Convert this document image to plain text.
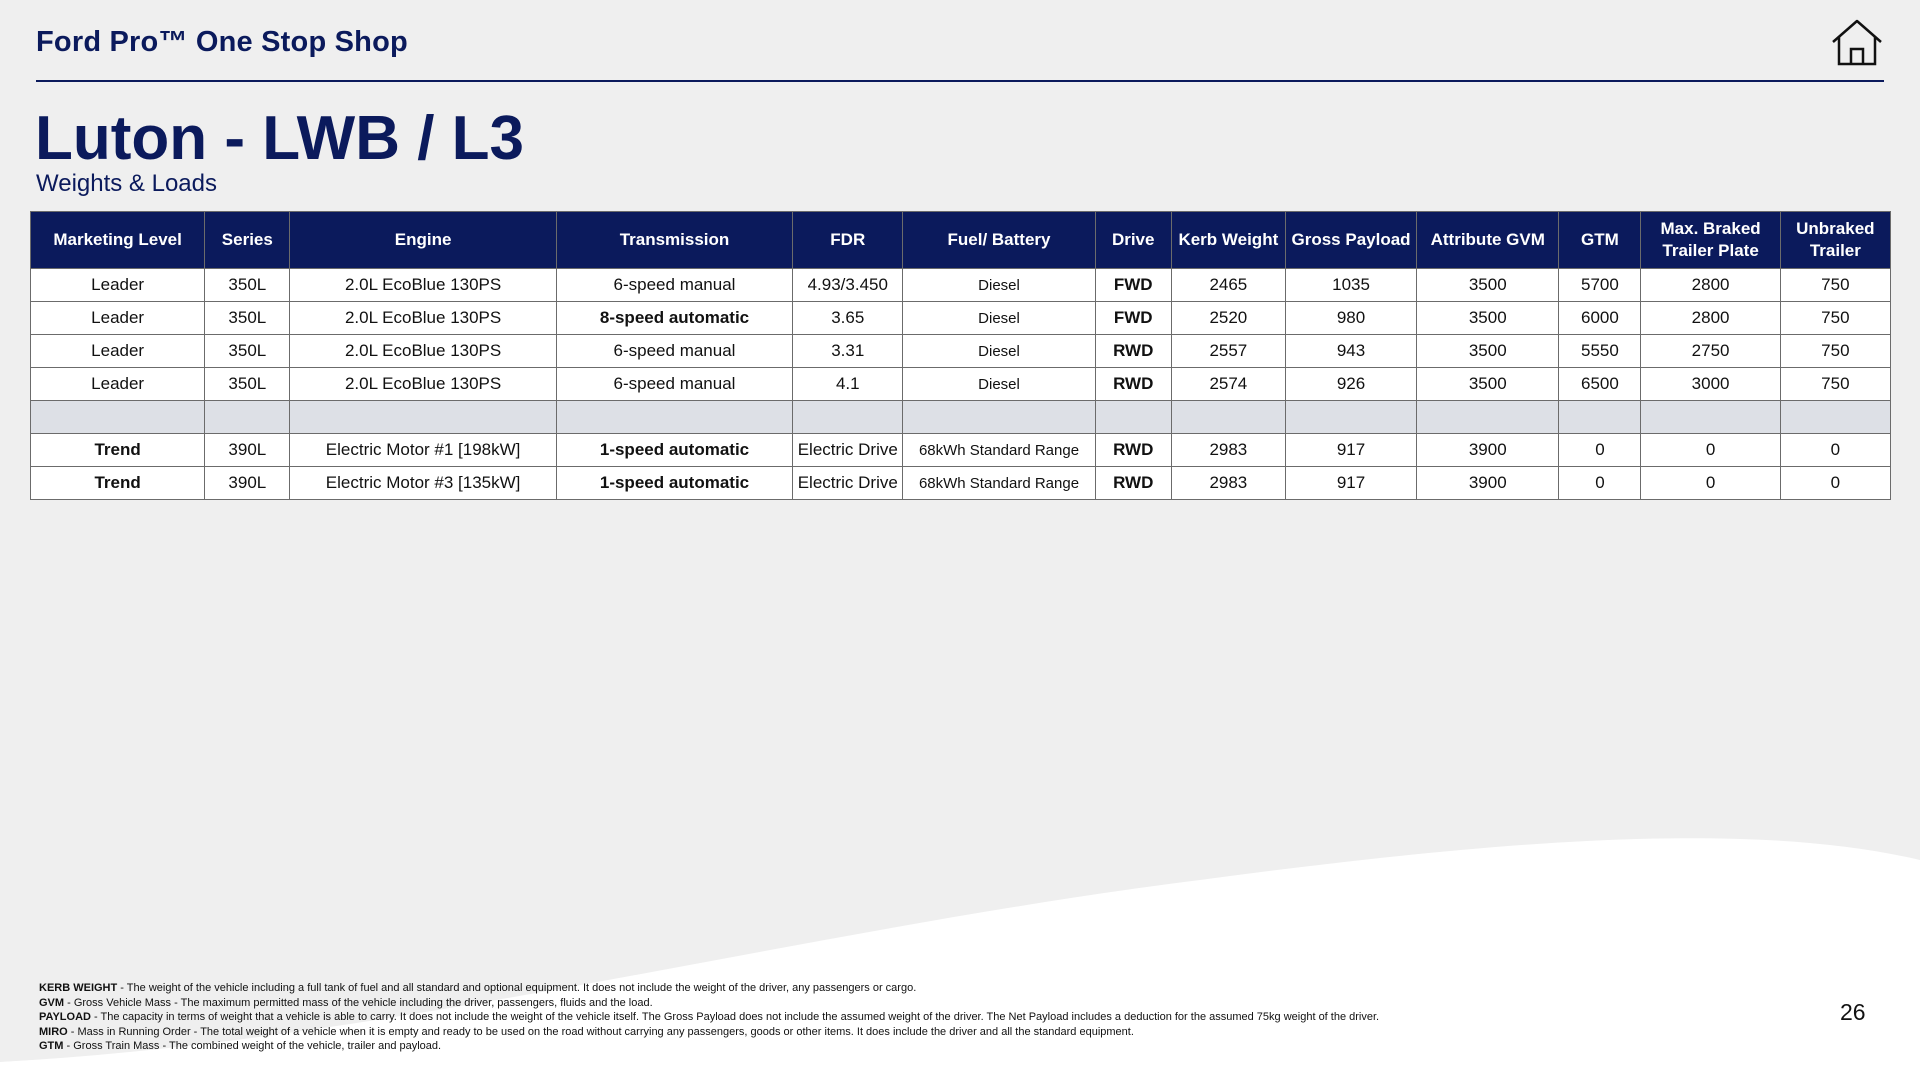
Ford Pro™ One Stop Shop
Luton - LWB / L3
Weights & Loads
Marketing Level	Series	Engine	Transmission	FDR	Fuel/ Battery	Drive	Kerb Weight	Gross Payload	Attribute GVM	GTM	Max. Braked Trailer Plate	Unbraked Trailer
Leader	350L	2.0L EcoBlue 130PS	6-speed manual	4.93/3.450	Diesel	FWD	2465	1035	3500	5700	2800	750
Leader	350L	2.0L EcoBlue 130PS	8-speed automatic	3.65	Diesel	FWD	2520	980	3500	6000	2800	750
Leader	350L	2.0L EcoBlue 130PS	6-speed manual	3.31	Diesel	RWD	2557	943	3500	5550	2750	750
Leader	350L	2.0L EcoBlue 130PS	6-speed manual	4.1	Diesel	RWD	2574	926	3500	6500	3000	750

Trend	390L	Electric Motor #1 [198kW]	1-speed automatic	Electric Drive	68kWh Standard Range	RWD	2983	917	3900	0	0	0
Trend	390L	Electric Motor #3 [135kW]	1-speed automatic	Electric Drive	68kWh Standard Range	RWD	2983	917	3900	0	0	0
KERB WEIGHT - The weight of the vehicle including a full tank of fuel and all standard and optional equipment. It does not include the weight of the driver, any passengers or cargo.
GVM - Gross Vehicle Mass - The maximum permitted mass of the vehicle including the driver, passengers, fluids and the load.
PAYLOAD - The capacity in terms of weight that a vehicle is able to carry. It does not include the weight of the vehicle itself. The Gross Payload does not include the assumed weight of the driver. The Net Payload includes a deduction for the assumed 75kg weight of the driver.
MIRO - Mass in Running Order - The total weight of a vehicle when it is empty and ready to be used on the road without carrying any passengers, goods or other items. It does include the driver and all the standard equipment.
GTM - Gross Train Mass - The combined weight of the vehicle, trailer and payload.
26
